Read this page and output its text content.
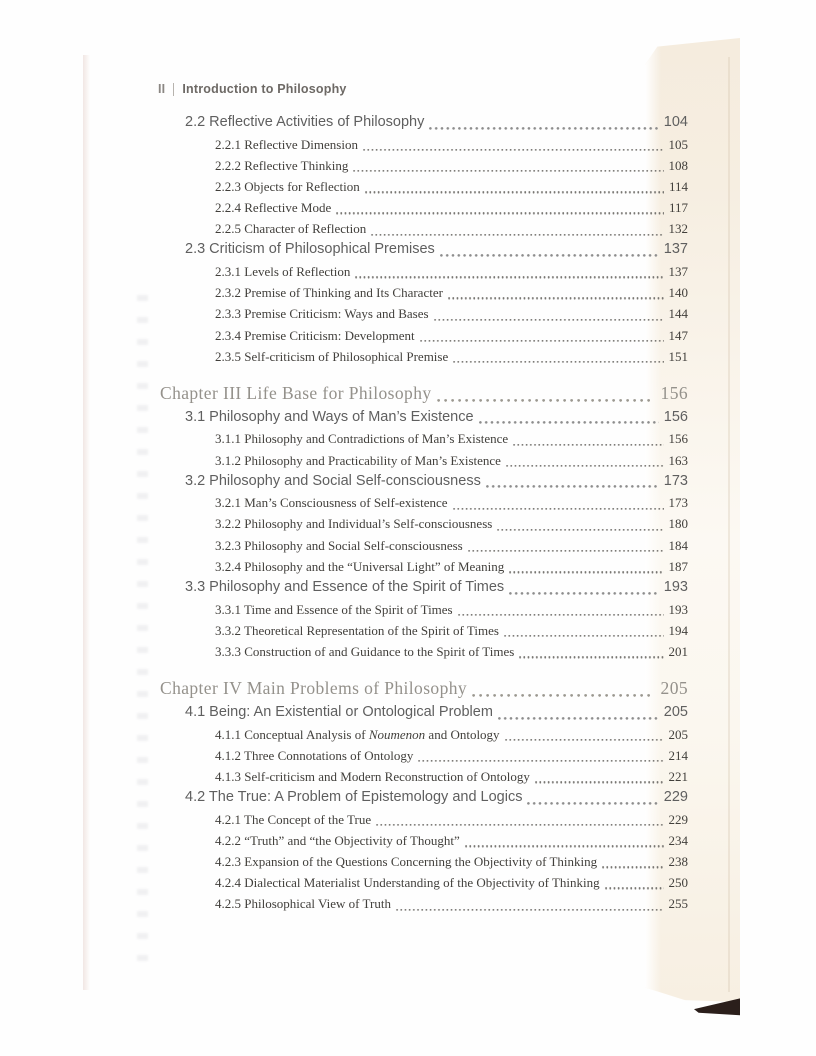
II Introduction to Philosophy
2.2 Reflective Activities of Philosophy	104
2.2.1 Reflective Dimension	105
2.2.2 Reflective Thinking	108
2.2.3 Objects for Reflection	114
2.2.4 Reflective Mode	117
2.2.5 Character of Reflection	132
2.3 Criticism of Philosophical Premises	137
2.3.1 Levels of Reflection	137
2.3.2 Premise of Thinking and Its Character	140
2.3.3 Premise Criticism: Ways and Bases	144
2.3.4 Premise Criticism: Development	147
2.3.5 Self-criticism of Philosophical Premise	151
Chapter III Life Base for Philosophy	156
3.1 Philosophy and Ways of Man’s Existence	156
3.1.1 Philosophy and Contradictions of Man’s Existence	156
3.1.2 Philosophy and Practicability of Man’s Existence	163
3.2 Philosophy and Social Self-consciousness	173
3.2.1 Man’s Consciousness of Self-existence	173
3.2.2 Philosophy and Individual’s Self-consciousness	180
3.2.3 Philosophy and Social Self-consciousness	184
3.2.4 Philosophy and the “Universal Light” of Meaning	187
3.3 Philosophy and Essence of the Spirit of Times	193
3.3.1 Time and Essence of the Spirit of Times	193
3.3.2 Theoretical Representation of the Spirit of Times	194
3.3.3 Construction of and Guidance to the Spirit of Times	201
Chapter IV Main Problems of Philosophy	205
4.1 Being: An Existential or Ontological Problem	205
4.1.1 Conceptual Analysis of Noumenon and Ontology	205
4.1.2 Three Connotations of Ontology	214
4.1.3 Self-criticism and Modern Reconstruction of Ontology	221
4.2 The True: A Problem of Epistemology and Logics	229
4.2.1 The Concept of the True	229
4.2.2 “Truth” and “the Objectivity of Thought”	234
4.2.3 Expansion of the Questions Concerning the Objectivity of Thinking	238
4.2.4 Dialectical Materialist Understanding of the Objectivity of Thinking	250
4.2.5 Philosophical View of Truth	255
